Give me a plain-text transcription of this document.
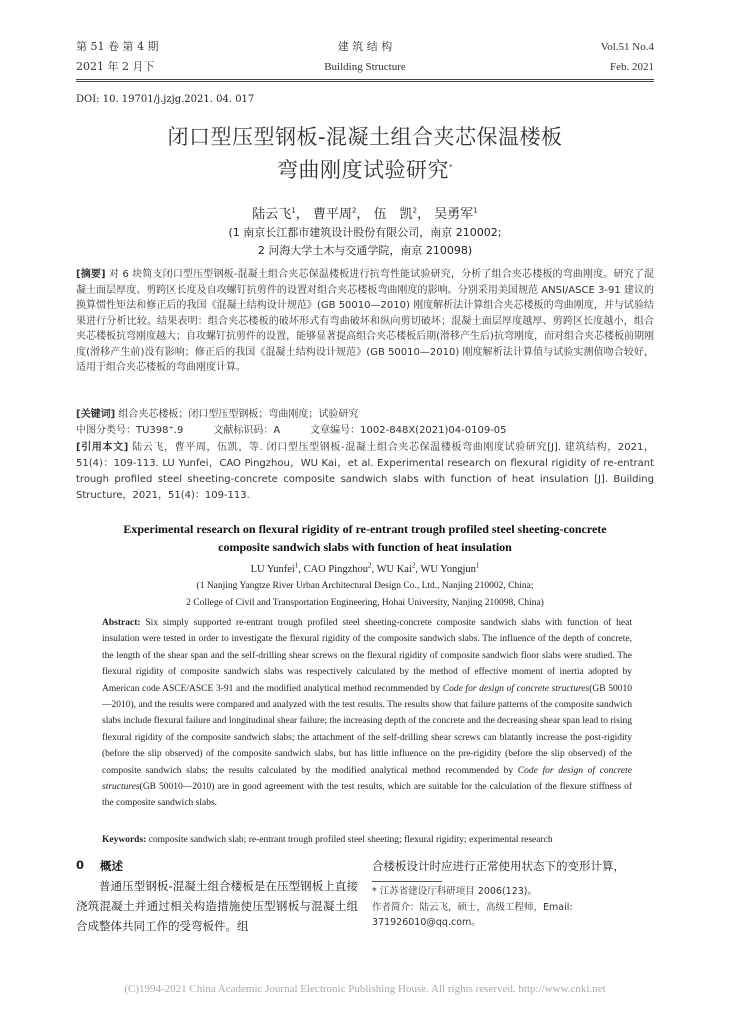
第 51 卷 第 4 期
2021 年 2 月下
建 筑 结 构
Building Structure
Vol.51 No.4
Feb. 2021
DOI: 10. 19701/j.jzjg.2021. 04. 017
闭口型压型钢板-混凝土组合夹芯保温楼板
弯曲刚度试验研究*
陆云飞$^1$， 曹平周$^2$， 伍　凯$^2$， 吴勇军$^1$
(1 南京长江都市建筑设计股份有限公司，南京 210002;
2 河海大学土木与交通学院，南京 210098)
[摘要] 对 6 块简支闭口型压型钢板-混凝土组合夹芯保温楼板进行抗弯性能试验研究，分析了组合夹芯楼板的弯曲刚度。研究了混凝土面层厚度、剪跨区长度及自攻螺钉抗剪件的设置对组合夹芯楼板弯曲刚度的影响。分别采用美国规范 ANSI/ASCE 3-91 建议的换算惯性矩法和修正后的我国《混凝土结构设计规范》(GB 50010—2010) 刚度解析法计算组合夹芯楼板的弯曲刚度，并与试验结果进行分析比较。结果表明：组合夹芯楼板的破坏形式有弯曲破坏和纵向剪切破坏；混凝土面层厚度越厚、剪跨区长度越小，组合夹芯楼板抗弯刚度越大；自攻螺钉抗剪件的设置，能够显著提高组合夹芯楼板后期(滑移产生后)抗弯刚度，而对组合夹芯楼板前期刚度(滑移产生前)没有影响；修正后的我国《混凝土结构设计规范》(GB 50010—2010) 刚度解析法计算值与试验实测值吻合较好，适用于组合夹芯楼板的弯曲刚度计算。
[关键词] 组合夹芯楼板；闭口型压型钢板；弯曲刚度；试验研究
中图分类号：TU398⁺.9　　　文献标识码：A　　　文章编号：1002-848X(2021)04-0109-05
[引用本文] 陆云飞，曹平周，伍凯，等. 闭口型压型钢板-混凝土组合夹芯保温楼板弯曲刚度试验研究[J]. 建筑结构，2021，51(4)：109-113. LU Yunfei，CAO Pingzhou，WU Kai，et al. Experimental research on flexural rigidity of re-entrant trough profiled steel sheeting-concrete composite sandwich slabs with function of heat insulation [J]. Building Structure，2021，51(4)：109-113.
Experimental research on flexural rigidity of re-entrant trough profiled steel sheeting-concrete
composite sandwich slabs with function of heat insulation
LU Yunfei$^1$, CAO Pingzhou$^2$, WU Kai$^2$, WU Yongjun$^1$
(1 Nanjing Yangtze River Urban Architectural Design Co., Ltd., Nanjing 210002, China;
2 College of Civil and Transportation Engineering, Hohai University, Nanjing 210098, China)
Abstract: Six simply supported re-entrant trough profiled steel sheeting-concrete composite sandwich slabs with function of heat insulation were tested in order to investigate the flexural rigidity of the composite sandwich slabs. The influence of the depth of concrete, the length of the shear span and the self-drilling shear screws on the flexural rigidity of composite sandwich floor slabs were studied. The flexural rigidity of composite sandwich slabs was respectively calculated by the method of effective moment of inertia adopted by American code ASCE/ASCE 3-91 and the modified analytical method recommended by Code for design of concrete structures(GB 50010—2010), and the results were compared and analyzed with the test results. The results show that failure patterns of the composite sandwich slabs include flexural failure and longitudinal shear failure; the increasing depth of the concrete and the decreasing shear span lead to rising flexural rigidity of the composite sandwich slabs; the attachment of the self-drilling shear screws can blatantly increase the post-rigidity (before the slip observed) of the composite sandwich slabs, but has little influence on the pre-rigidity (before the slip observed) of the composite sandwich slabs; the results calculated by the modified analytical method recommended by Code for design of concrete structures(GB 50010—2010) are in good agreement with the test results, which are suitable for the calculation of the flexure stiffness of the composite sandwich slabs.
Keywords: composite sandwich slab; re-entrant trough profiled steel sheeting; flexural rigidity; experimental research
0 概述
普通压型钢板-混凝土组合楼板是在压型钢板上直接浇筑混凝土并通过相关构造措施使压型钢板与混凝土组合成整体共同工作的受弯板件。组
合楼板设计时应进行正常使用状态下的变形计算，
* 江苏省建设厅科研项目 2006(123)。
作者简介：陆云飞，硕士，高级工程师，Email: 371926010@qq.com。
(C)1994-2021 China Academic Journal Electronic Publishing House. All rights reserved. http://www.cnki.net
